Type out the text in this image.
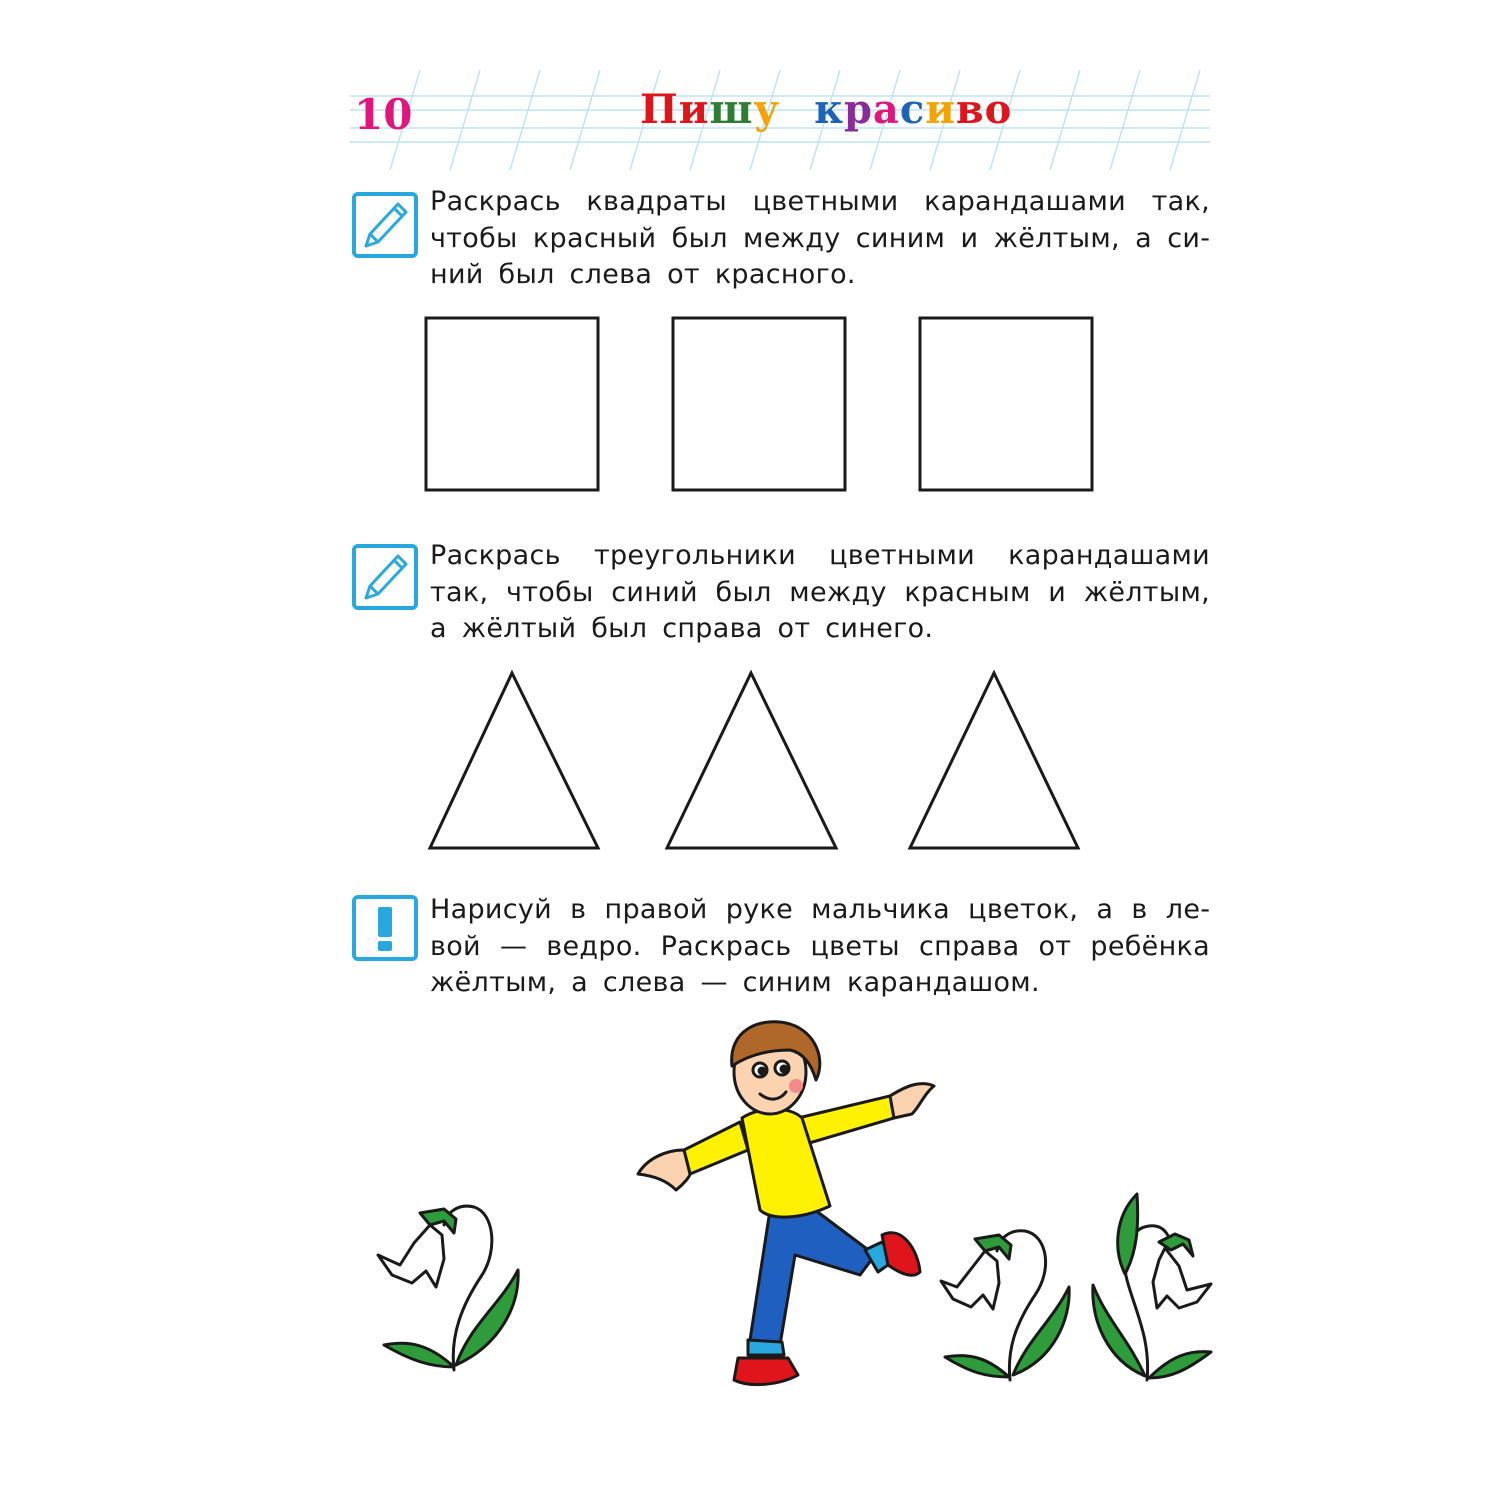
10	Пишу красиво
Раскрась квадраты цветными карандашами так, чтобы красный был между синим и жёлтым, а синий был слева от красного.
Раскрась треугольники цветными карандашами так, чтобы синий был между красным и жёлтым, а жёлтый был справа от синего.
Нарисуй в правой руке мальчика цветок, а в левой — ведро. Раскрась цветы справа от ребёнка жёлтым, а слева — синим карандашом.
